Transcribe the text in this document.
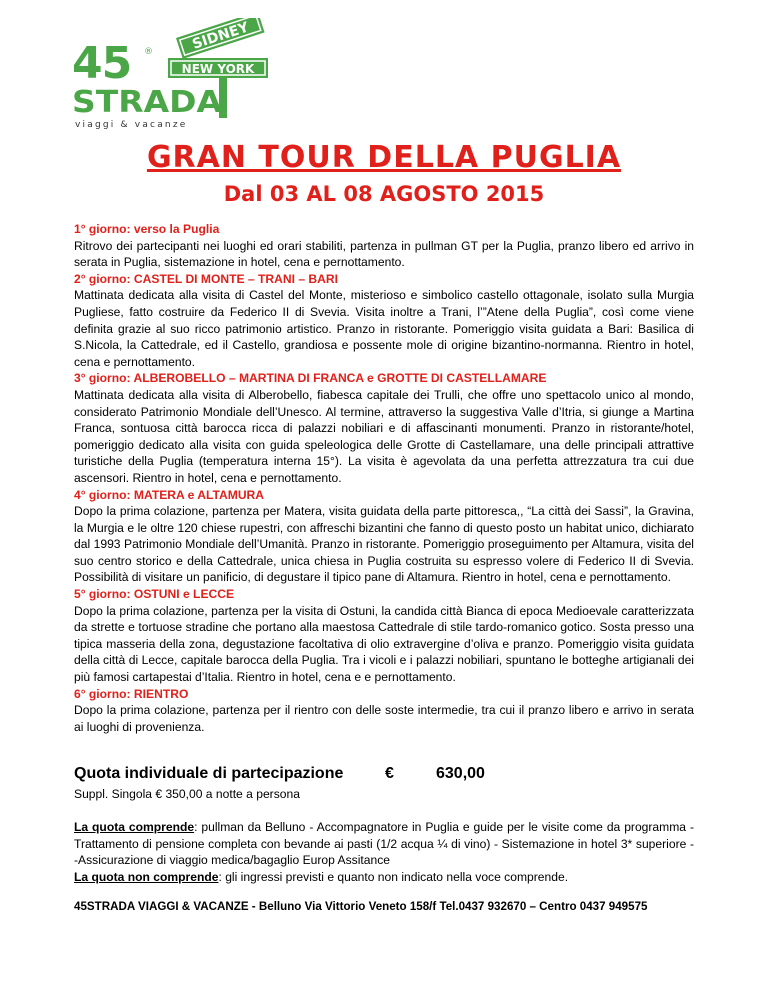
SIDNEY
NEW YORK
45 ®
STRADA
viaggi & vacanze
GRAN TOUR DELLA PUGLIA
Dal 03 AL 08 AGOSTO 2015
1° giorno: verso la Puglia
Ritrovo dei partecipanti nei luoghi ed orari stabiliti, partenza in pullman GT per la Puglia, pranzo libero ed arrivo in serata in Puglia, sistemazione in hotel, cena e pernottamento.
2° giorno: CASTEL DI MONTE – TRANI – BARI
Mattinata dedicata alla visita di Castel del Monte, misterioso e simbolico castello ottagonale, isolato sulla Murgia Pugliese, fatto costruire da Federico II di Svevia. Visita inoltre a Trani, l’”Atene della Puglia”, così come viene definita grazie al suo ricco patrimonio artistico. Pranzo in ristorante. Pomeriggio visita guidata a Bari: Basilica di S.Nicola, la Cattedrale, ed il Castello, grandiosa e possente mole di origine bizantino-normanna. Rientro in hotel, cena e pernottamento.
3° giorno: ALBEROBELLO – MARTINA DI FRANCA e GROTTE DI CASTELLAMARE
Mattinata dedicata alla visita di Alberobello, fiabesca capitale dei Trulli, che offre uno spettacolo unico al mondo, considerato Patrimonio Mondiale dell’Unesco. Al termine, attraverso la suggestiva Valle d’Itria, si giunge a Martina Franca, sontuosa città barocca ricca di palazzi nobiliari e di affascinanti monumenti. Pranzo in ristorante/hotel, pomeriggio dedicato alla visita con guida speleologica delle Grotte di Castellamare, una delle principali attrattive turistiche della Puglia (temperatura interna 15°). La visita è agevolata da una perfetta attrezzatura tra cui due ascensori. Rientro in hotel, cena e pernottamento.
4° giorno: MATERA e ALTAMURA
Dopo la prima colazione, partenza per Matera, visita guidata della parte pittoresca,, “La città dei Sassi”, la Gravina, la Murgia e le oltre 120 chiese rupestri, con affreschi bizantini che fanno di questo posto un habitat unico, dichiarato dal 1993 Patrimonio Mondiale dell’Umanità. Pranzo in ristorante. Pomeriggio proseguimento per Altamura, visita del suo centro storico e della Cattedrale, unica chiesa in Puglia costruita su espresso volere di Federico II di Svevia. Possibilità di visitare un panificio, di degustare il tipico pane di Altamura. Rientro in hotel, cena e pernottamento.
5° giorno: OSTUNI e LECCE
Dopo la prima colazione, partenza per la visita di Ostuni, la candida città Bianca di epoca Medioevale caratterizzata da strette e tortuose stradine che portano alla maestosa Cattedrale di stile tardo-romanico gotico. Sosta presso una tipica masseria della zona, degustazione facoltativa di olio extravergine d’oliva e pranzo. Pomeriggio visita guidata della città di Lecce, capitale barocca della Puglia. Tra i vicoli e i palazzi nobiliari, spuntano le botteghe artigianali dei più famosi cartapestai d’Italia. Rientro in hotel, cena e e pernottamento.
6° giorno: RIENTRO
Dopo la prima colazione, partenza per il rientro con delle soste intermedie, tra cui il pranzo libero e arrivo in serata ai luoghi di provenienza.
Quota individuale di partecipazione	€	630,00
Suppl. Singola € 350,00 a notte a persona
La quota comprende: pullman da Belluno - Accompagnatore in Puglia e guide per le visite come da programma - Trattamento di pensione completa con bevande ai pasti (1/2 acqua ¼ di vino) - Sistemazione in hotel 3* superiore - -Assicurazione di viaggio medica/bagaglio Europ Assitance
La quota non comprende: gli ingressi previsti e quanto non indicato nella voce comprende.
45STRADA VIAGGI & VACANZE - Belluno Via Vittorio Veneto 158/f Tel.0437 932670 – Centro 0437 949575
